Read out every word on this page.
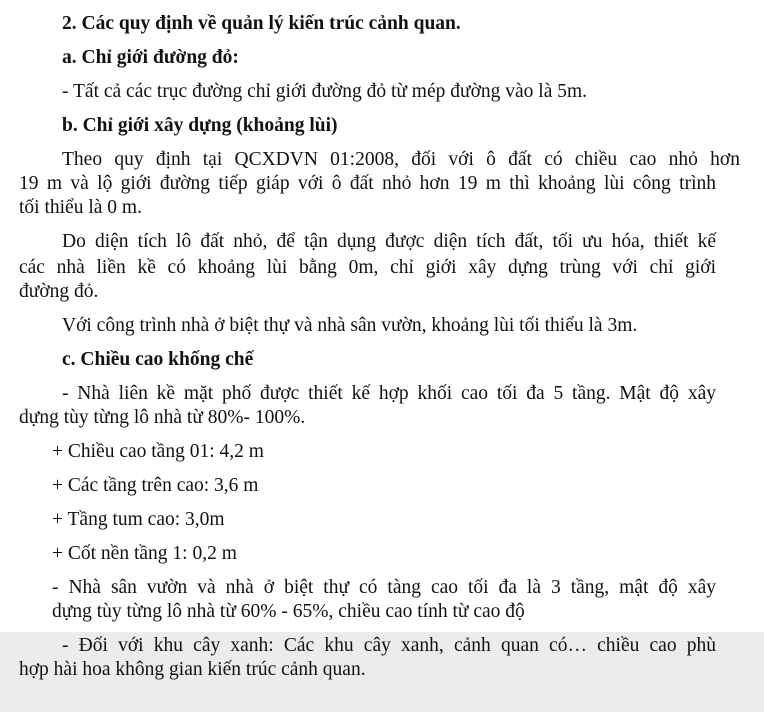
2. Các quy định về quản lý kiến trúc cảnh quan.
a. Chỉ giới đường đỏ:
- Tất cả các trục đường chỉ giới đường đỏ từ mép đường vào là 5m.
b. Chỉ giới xây dựng (khoảng lùi)
Theo quy định tại QCXDVN 01:2008, đối với ô đất có chiều cao nhỏ hơn
19 m và lộ giới đường tiếp giáp với ô đất nhỏ hơn 19 m thì khoảng lùi công trình
tối thiểu là 0 m.
Do diện tích lô đất nhỏ, để tận dụng được diện tích đất, tối ưu hóa, thiết kế
các nhà liền kề có khoảng lùi bằng 0m, chỉ giới xây dựng trùng với chỉ giới
đường đỏ.
Với công trình nhà ở biệt thự và nhà sân vườn, khoảng lùi tối thiểu là 3m.
c. Chiều cao khống chế
- Nhà liên kề mặt phố được thiết kế hợp khối cao tối đa 5 tầng. Mật độ xây
dựng tùy từng lô nhà từ 80%- 100%.
+ Chiều cao tầng 01: 4,2 m
+ Các tầng trên cao: 3,6 m
+ Tầng tum cao: 3,0m
+ Cốt nền tầng 1: 0,2 m
- Nhà sân vườn và nhà ở biệt thự có tàng cao tối đa là 3 tầng, mật độ xây
dựng tùy từng lô nhà từ 60% - 65%, chiều cao tính từ cao độ
- Đối với khu cây xanh: Các khu cây xanh, cảnh quan có… chiều cao phù
hợp hài hoa không gian kiến trúc cảnh quan.
